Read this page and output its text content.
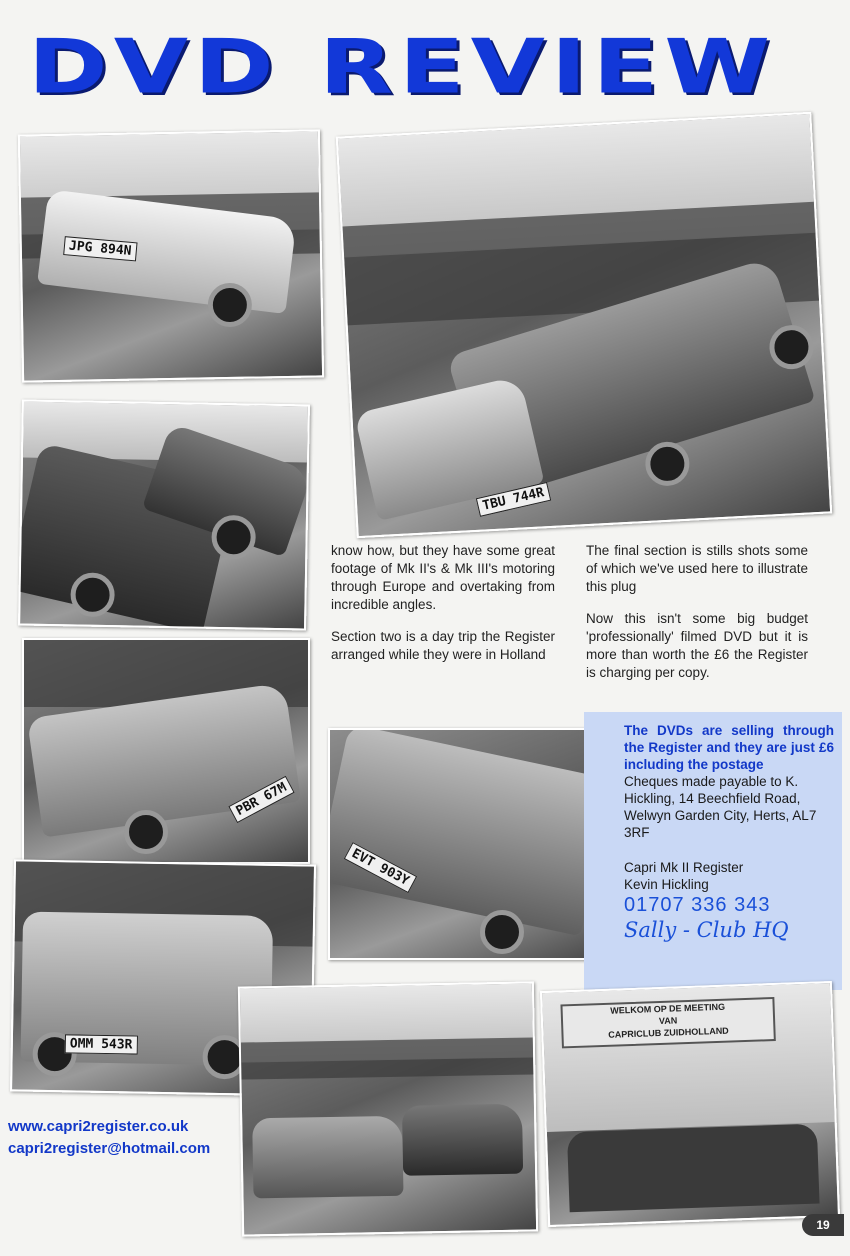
DVD REVIEW
JPG 894N
TBU 744R

know how, but they have some great footage of Mk II's & Mk III's motoring through Europe and overtaking from incredible angles.

Section two is a day trip the Register arranged while they were in Holland

The final section is stills shots some of which we've used here to illustrate this plug

Now this isn't some big budget 'professionally' filmed DVD but it is more than worth the £6 the Register is charging per copy.

PBR 67M
EVT 903Y
The DVDs are selling through the Register and they are just £6 including the postage
Cheques made payable to K. Hickling, 14 Beechfield Road, Welwyn Garden City, Herts, AL7 3RF
Capri Mk II Register
Kevin Hickling
01707 336 343
Sally - Club HQ
OMM 543R
WELKOM OP DE MEETING
VAN
CAPRICLUB ZUIDHOLLAND
www.capri2register.co.uk
capri2register@hotmail.com
19
